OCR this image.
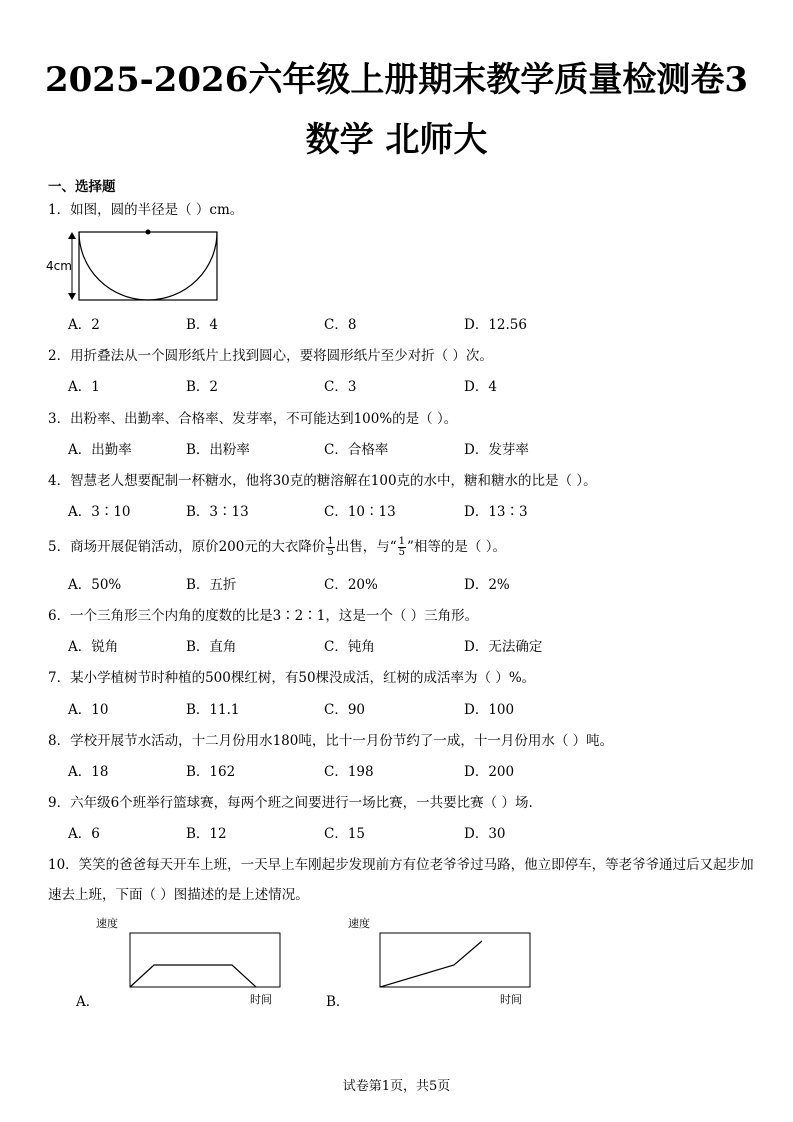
2025-2026六年级上册期末教学质量检测卷3
数学 北师大
一、选择题
1．如图，圆的半径是（ ）cm。
4cm
A．2	B．4	C．8	D．12.56
2．用折叠法从一个圆形纸片上找到圆心，要将圆形纸片至少对折（ ）次。
A．1	B．2	C．3	D．4
3．出粉率、出勤率、合格率、发芽率，不可能达到100%的是（ ）。
A．出勤率	B．出粉率	C．合格率	D．发芽率
4．智慧老人想要配制一杯糖水，他将30克的糖溶解在100克的水中，糖和糖水的比是（ ）。
A．3∶10	B．3∶13	C．10∶13	D．13∶3
5．商场开展促销活动，原价200元的大衣降价 $\frac{1}{5}$ 出售，与“ $\frac{1}{5}$ ”相等的是（ ）。
A．50%	B．五折	C．20%	D．2%
6．一个三角形三个内角的度数的比是3∶2∶1，这是一个（ ）三角形。
A．锐角	B．直角	C．钝角	D．无法确定
7．某小学植树节时种植的500棵红树，有50棵没成活，红树的成活率为（ ）%。
A．10	B．11.1	C．90	D．100
8．学校开展节水活动，十二月份用水180吨，比十一月份节约了一成，十一月份用水（ ）吨。
A．18	B．162	C．198	D．200
9．六年级6个班举行篮球赛，每两个班之间要进行一场比赛，一共要比赛（ ）场.
A．6	B．12	C．15	D．30
10．笑笑的爸爸每天开车上班，一天早上车刚起步发现前方有位老爷爷过马路，他立即停车，等老爷爷通过后又起步加速去上班，下面（ ）图描述的是上述情况。
速度
时间
A．
速度
时间
B．
试卷第1页，共5页
